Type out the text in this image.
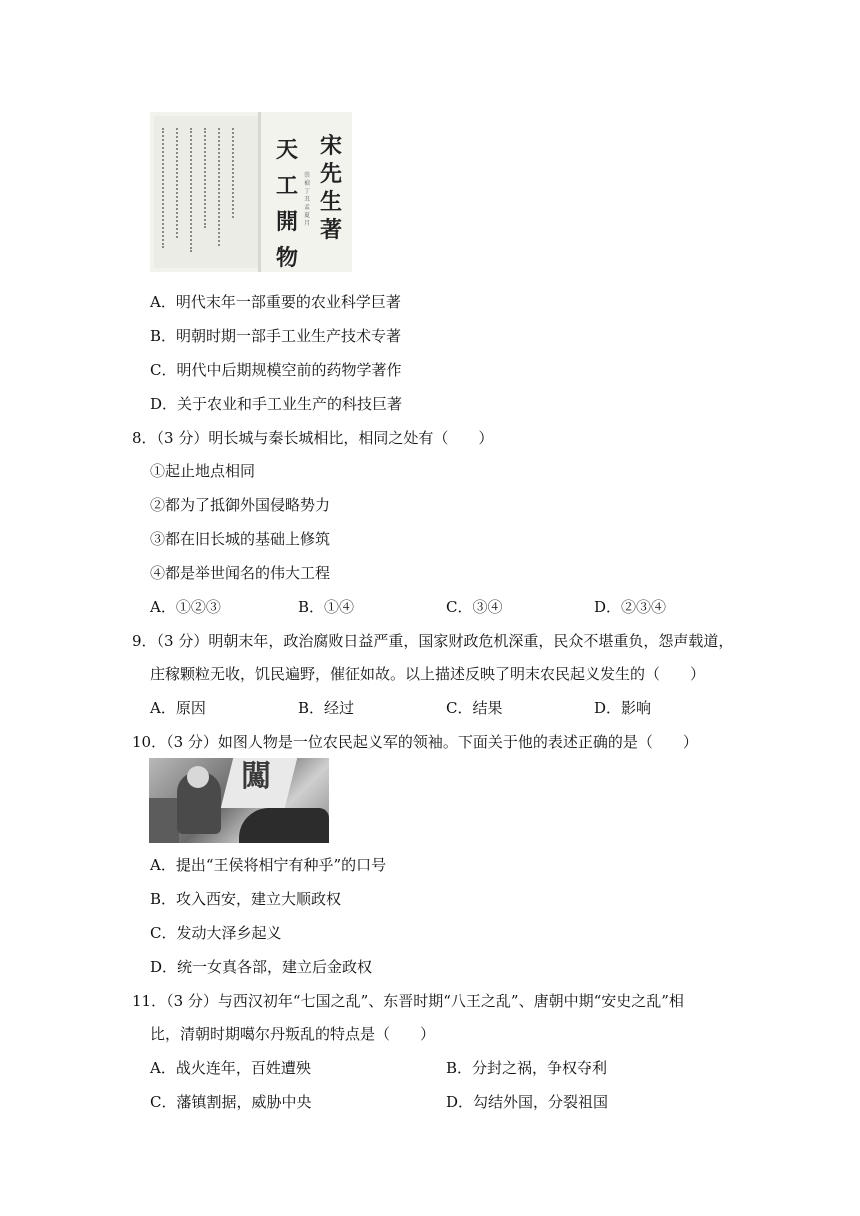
宋先生著
天工開物
崇禎丁丑孟夏月
A．明代末年一部重要的农业科学巨著
B．明朝时期一部手工业生产技术专著
C．明代中后期规模空前的药物学著作
D．关于农业和手工业生产的科技巨著
8．（3 分）明长城与秦长城相比，相同之处有（　　）
①起止地点相同
②都为了抵御外国侵略势力
③都在旧长城的基础上修筑
④都是举世闻名的伟大工程
A．①②③	B．①④	C．③④	D．②③④
9．（3 分）明朝末年，政治腐败日益严重，国家财政危机深重，民众不堪重负，怨声载道，
庄稼颗粒无收，饥民遍野，催征如故。以上描述反映了明末农民起义发生的（　　）
A．原因	B．经过	C．结果	D．影响
10．（3 分）如图人物是一位农民起义军的领袖。下面关于他的表述正确的是（　　）
闖
A．提出“王侯将相宁有种乎”的口号
B．攻入西安，建立大顺政权
C．发动大泽乡起义
D．统一女真各部，建立后金政权
11．（3 分）与西汉初年“七国之乱”、东晋时期“八王之乱”、唐朝中期“安史之乱”相
比，清朝时期噶尔丹叛乱的特点是（　　）
A．战火连年，百姓遭殃	B．分封之祸，争权夺利
C．藩镇割据，威胁中央	D．勾结外国，分裂祖国
